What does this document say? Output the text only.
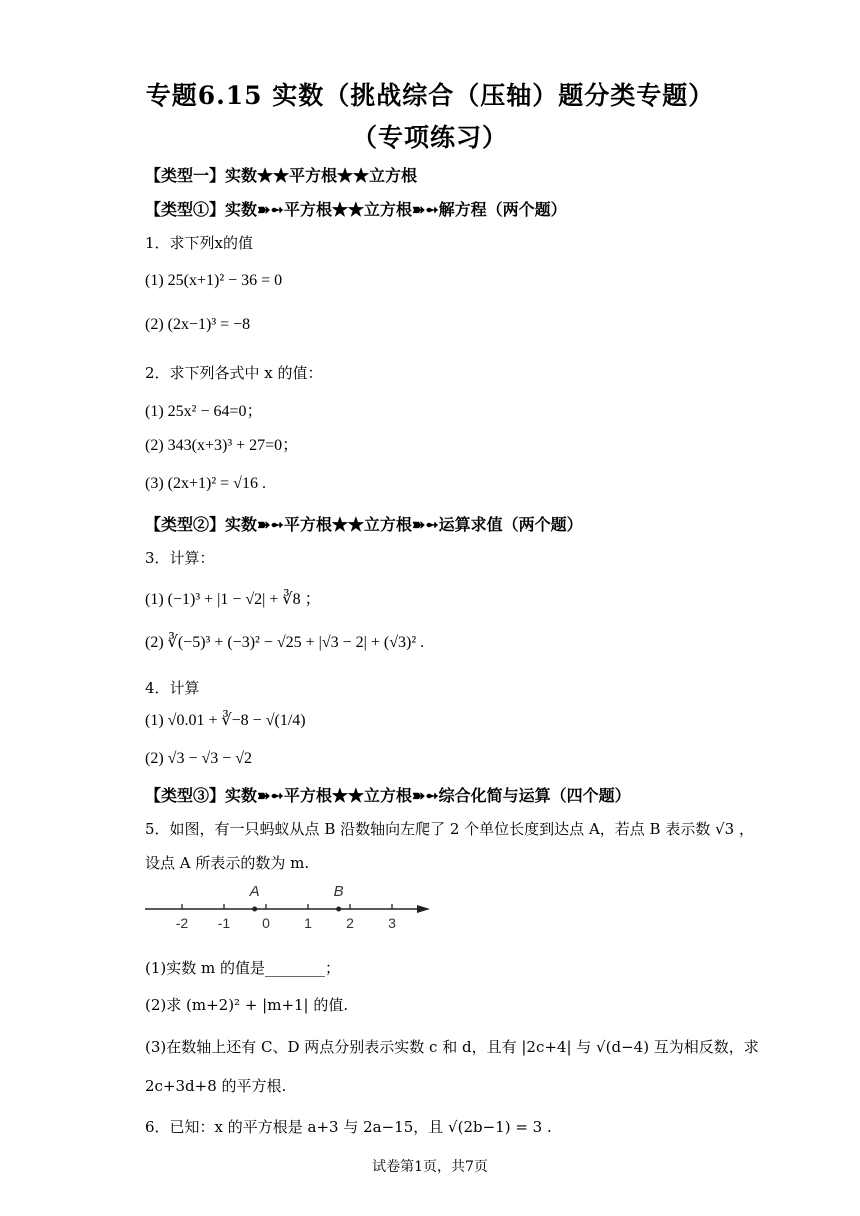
专题6.15 实数（挑战综合（压轴）题分类专题）
（专项练习）
【类型一】实数★★平方根★★立方根
【类型①】实数➽➻平方根★★立方根➽➻解方程（两个题）
1．求下列x的值
(1) 25(x+1)² − 36 = 0
(2) (2x−1)³ = −8
2．求下列各式中 x 的值：
(1) 25x² − 64=0；
(2) 343(x+3)³ + 27=0；
(3) (2x+1)² = √16 .
【类型②】实数➽➻平方根★★立方根➽➻运算求值（两个题）
3．计算：
(1) (−1)³ + |1 − √2| + ∛8 ；
(2) ∛(−5)³ + (−3)² − √25 + |√3 − 2| + (√3)² .
4．计算
(1) √0.01 + ∛−8 − √(1/4)
(2) √3 − √3 − √2
【类型③】实数➽➻平方根★★立方根➽➻综合化简与运算（四个题）
5．如图，有一只蚂蚁从点 B 沿数轴向左爬了 2 个单位长度到达点 A，若点 B 表示数 √3 ，
设点 A 所表示的数为 m.
(1)实数 m 的值是________；
(2)求 (m+2)² + |m+1| 的值.
(3)在数轴上还有 C、D 两点分别表示实数 c 和 d，且有 |2c+4| 与 √(d−4) 互为相反数，求
2c+3d+8 的平方根.
6．已知：x 的平方根是 a+3 与 2a−15，且 √(2b−1) = 3 .
-2 -1 0 1 2 3
A	B
试卷第1页，共7页
